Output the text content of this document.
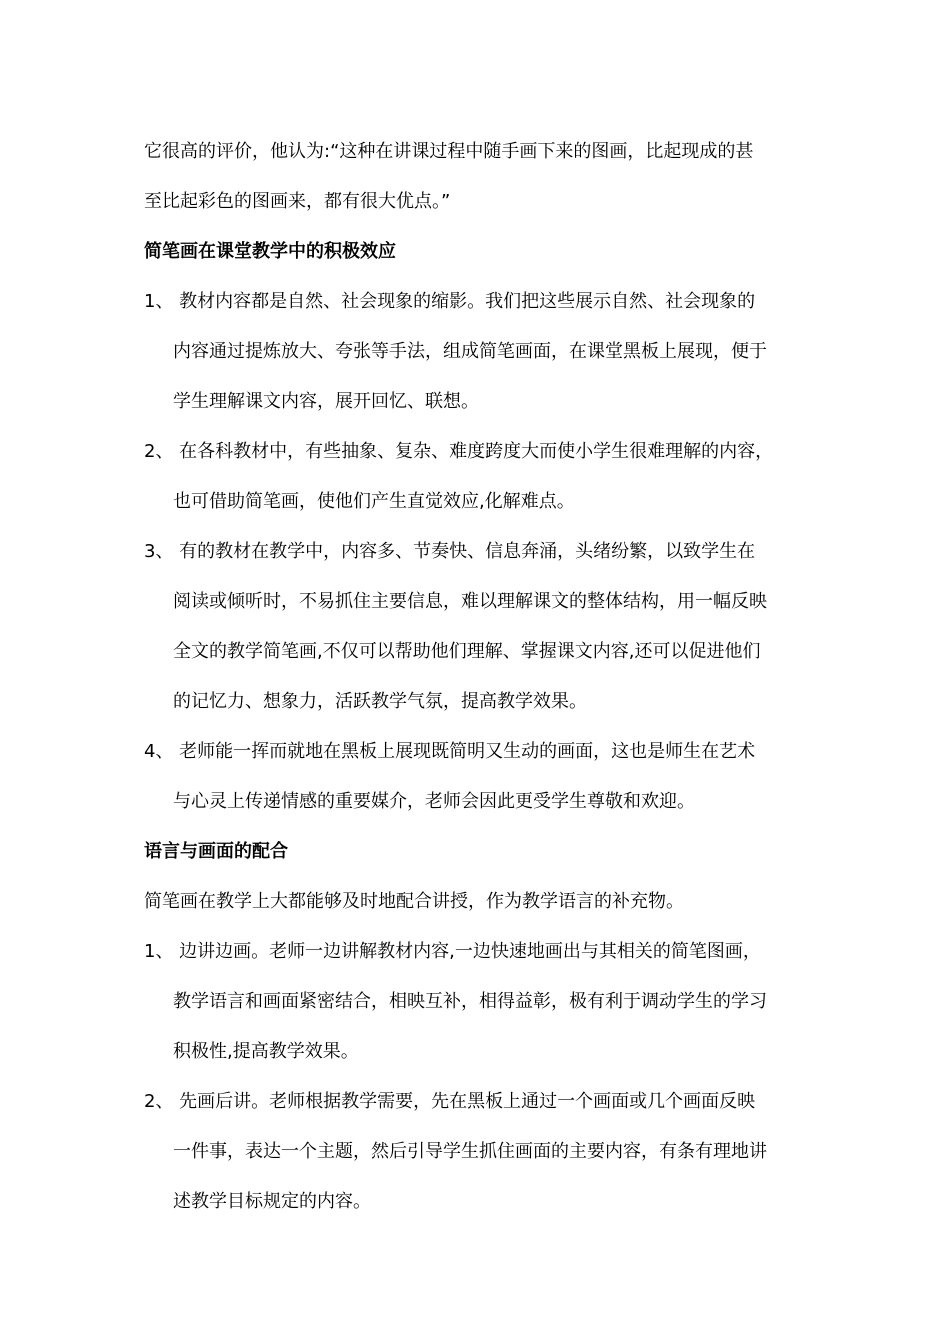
它很高的评价，他认为:“这种在讲课过程中随手画下来的图画，比起现成的甚
至比起彩色的图画来，都有很大优点。”
简笔画在课堂教学中的积极效应
1、 教材内容都是自然、社会现象的缩影。我们把这些展示自然、社会现象的
内容通过提炼放大、夸张等手法，组成简笔画面，在课堂黑板上展现，便于
学生理解课文内容，展开回忆、联想。
2、 在各科教材中，有些抽象、复杂、难度跨度大而使小学生很难理解的内容，
也可借助简笔画，使他们产生直觉效应,化解难点。
3、 有的教材在教学中，内容多、节奏快、信息奔涌，头绪纷繁，以致学生在
阅读或倾听时，不易抓住主要信息，难以理解课文的整体结构，用一幅反映
全文的教学简笔画,不仅可以帮助他们理解、掌握课文内容,还可以促进他们
的记忆力、想象力，活跃教学气氛，提高教学效果。
4、 老师能一挥而就地在黑板上展现既简明又生动的画面，这也是师生在艺术
与心灵上传递情感的重要媒介，老师会因此更受学生尊敬和欢迎。
语言与画面的配合
简笔画在教学上大都能够及时地配合讲授，作为教学语言的补充物。
1、 边讲边画。老师一边讲解教材内容,一边快速地画出与其相关的简笔图画，
教学语言和画面紧密结合，相映互补，相得益彰，极有利于调动学生的学习
积极性,提高教学效果。
2、 先画后讲。老师根据教学需要，先在黑板上通过一个画面或几个画面反映
一件事，表达一个主题，然后引导学生抓住画面的主要内容，有条有理地讲
述教学目标规定的内容。
